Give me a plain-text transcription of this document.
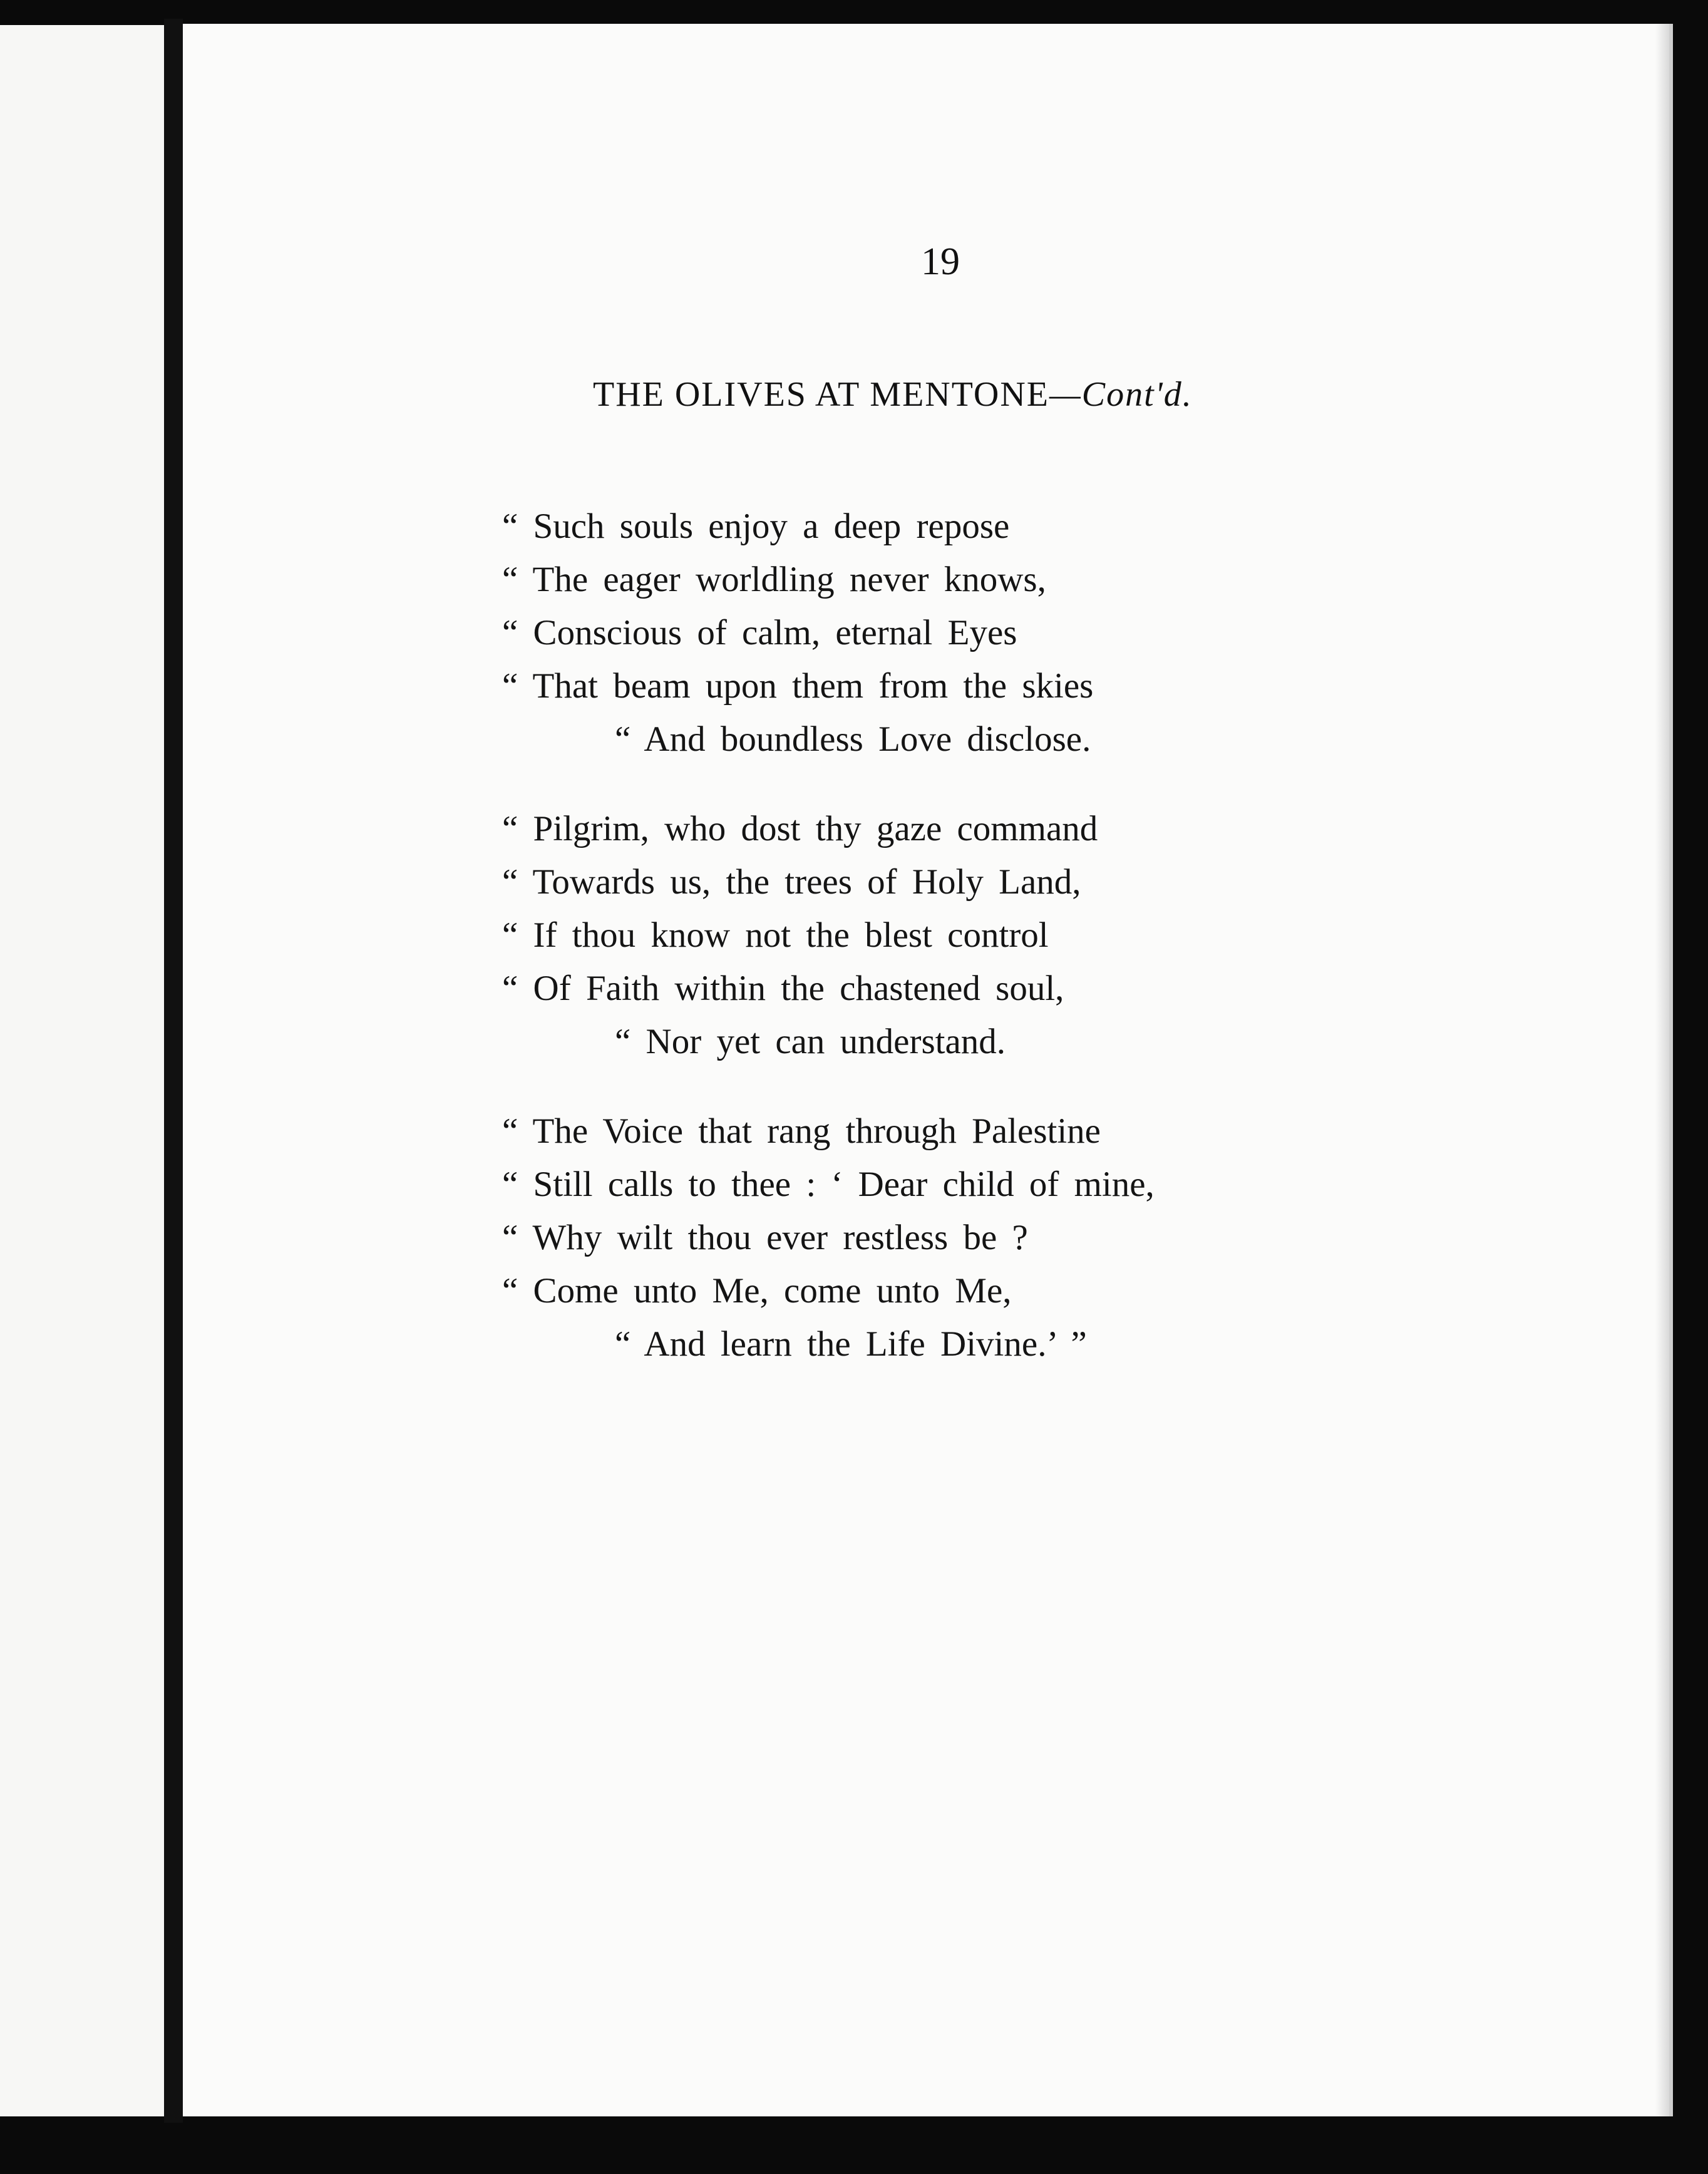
19
THE OLIVES AT MENTONE—Cont'd.
“ Such souls enjoy a deep repose
“ The eager worldling never knows,
“ Conscious of calm, eternal Eyes
“ That beam upon them from the skies
“ And boundless Love disclose.
“ Pilgrim, who dost thy gaze command
“ Towards us, the trees of Holy Land,
“ If thou know not the blest control
“ Of Faith within the chastened soul,
“ Nor yet can understand.
“ The Voice that rang through Palestine
“ Still calls to thee : ‘ Dear child of mine,
“ Why wilt thou ever restless be ?
“ Come unto Me, come unto Me,
“ And learn the Life Divine.’ ”
